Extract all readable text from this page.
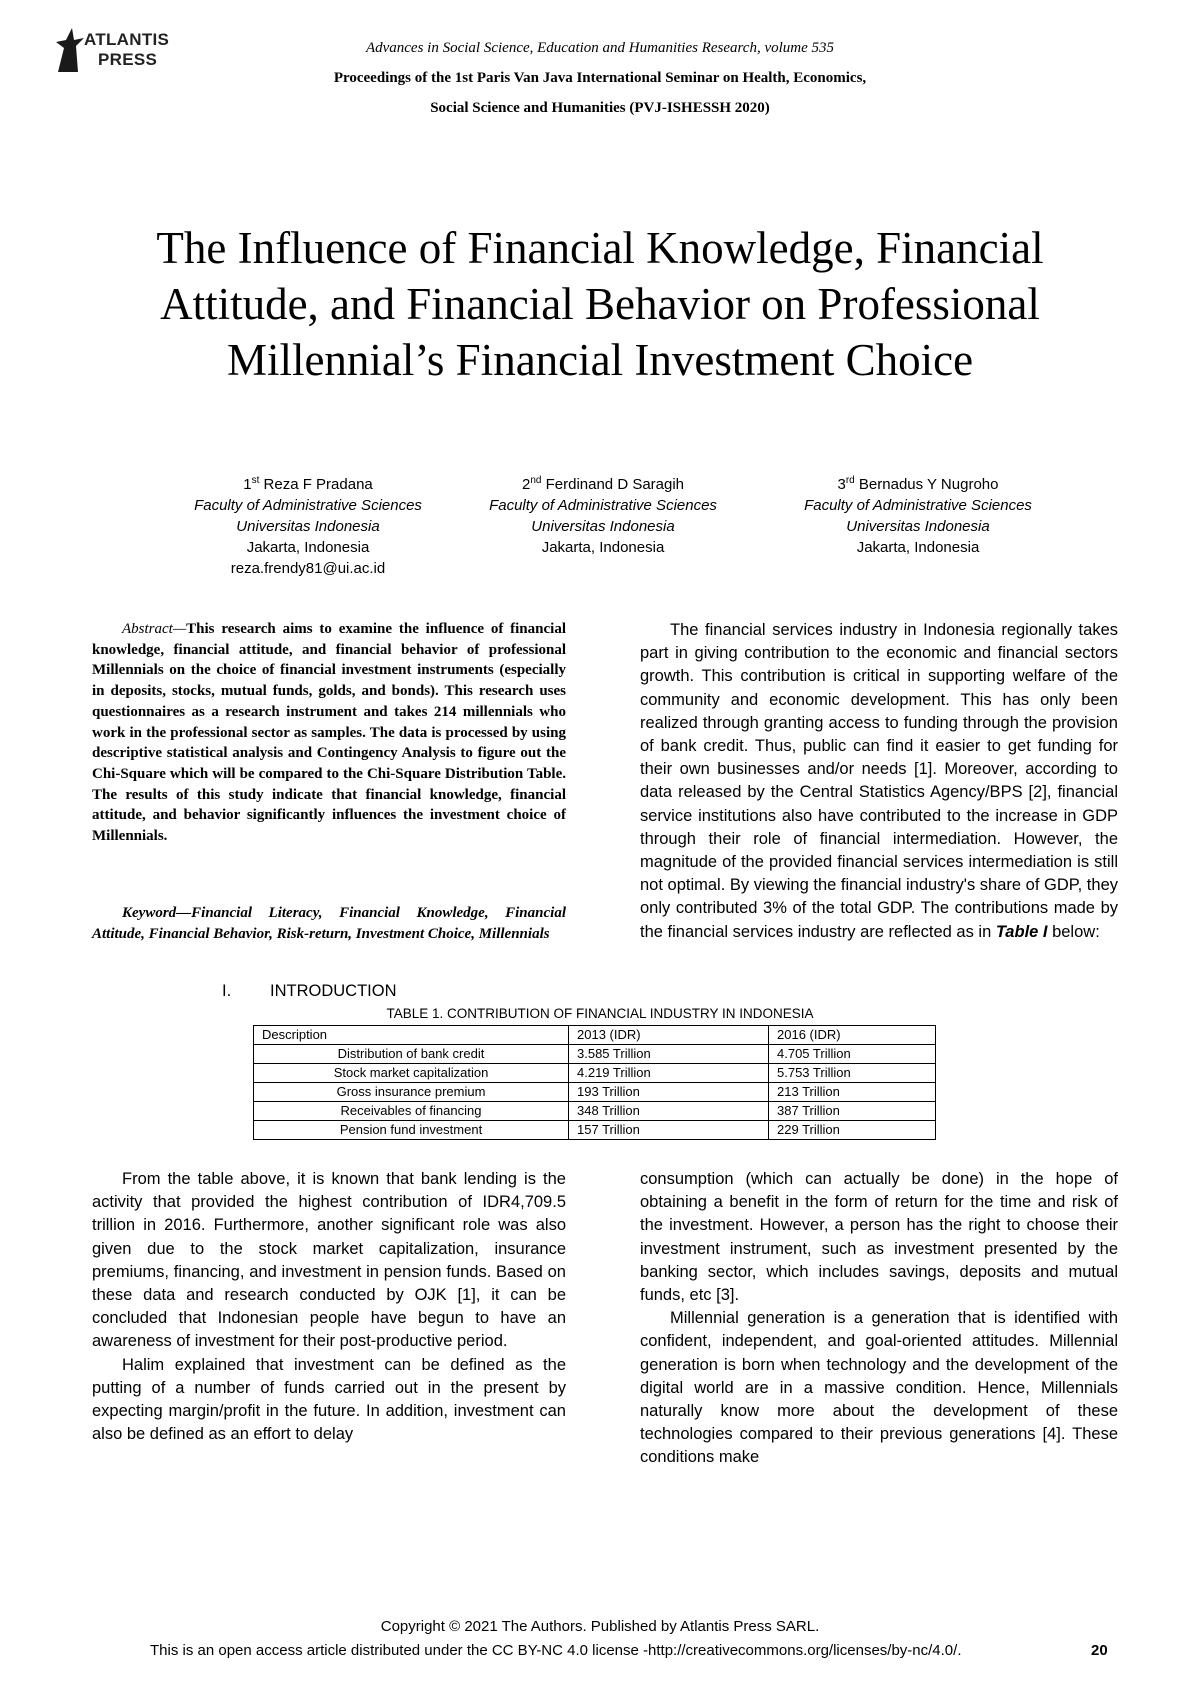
ATLANTIS
PRESS
Advances in Social Science, Education and Humanities Research, volume 535
Proceedings of the 1st Paris Van Java International Seminar on Health, Economics,
Social Science and Humanities (PVJ-ISHESSH 2020)
The Influence of Financial Knowledge, Financial Attitude, and Financial Behavior on Professional Millennial’s Financial Investment Choice
1st Reza F Pradana
Faculty of Administrative Sciences
Universitas Indonesia
Jakarta, Indonesia
reza.frendy81@ui.ac.id
2nd Ferdinand D Saragih
Faculty of Administrative Sciences
Universitas Indonesia
Jakarta, Indonesia
3rd Bernadus Y Nugroho
Faculty of Administrative Sciences
Universitas Indonesia
Jakarta, Indonesia

Abstract—This research aims to examine the influence of financial knowledge, financial attitude, and financial behavior of professional Millennials on the choice of financial investment instruments (especially in deposits, stocks, mutual funds, golds, and bonds). This research uses questionnaires as a research instrument and takes 214 millennials who work in the professional sector as samples. The data is processed by using descriptive statistical analysis and Contingency Analysis to figure out the Chi-Square which will be compared to the Chi-Square Distribution Table. The results of this study indicate that financial knowledge, financial attitude, and behavior significantly influences the investment choice of Millennials.

Keyword—Financial Literacy, Financial Knowledge, Financial Attitude, Financial Behavior, Risk-return, Investment Choice, Millennials

I. INTRODUCTION

The financial services industry in Indonesia regionally takes part in giving contribution to the economic and financial sectors growth. This contribution is critical in supporting welfare of the community and economic development. This has only been realized through granting access to funding through the provision of bank credit. Thus, public can find it easier to get funding for their own businesses and/or needs [1]. Moreover, according to data released by the Central Statistics Agency/BPS [2], financial service institutions also have contributed to the increase in GDP through their role of financial intermediation. However, the magnitude of the provided financial services intermediation is still not optimal. By viewing the financial industry's share of GDP, they only contributed 3% of the total GDP. The contributions made by the financial services industry are reflected as in Table I below:

TABLE 1. CONTRIBUTION OF FINANCIAL INDUSTRY IN INDONESIA
Description	2013 (IDR)	2016 (IDR)
Distribution of bank credit	3.585 Trillion	4.705 Trillion
Stock market capitalization	4.219 Trillion	5.753 Trillion
Gross insurance premium	193 Trillion	213 Trillion
Receivables of financing	348 Trillion	387 Trillion
Pension fund investment	157 Trillion	229 Trillion

From the table above, it is known that bank lending is the activity that provided the highest contribution of IDR4,709.5 trillion in 2016. Furthermore, another significant role was also given due to the stock market capitalization, insurance premiums, financing, and investment in pension funds. Based on these data and research conducted by OJK [1], it can be concluded that Indonesian people have begun to have an awareness of investment for their post-productive period.

Halim explained that investment can be defined as the putting of a number of funds carried out in the present by expecting margin/profit in the future. In addition, investment can also be defined as an effort to delay

consumption (which can actually be done) in the hope of obtaining a benefit in the form of return for the time and risk of the investment. However, a person has the right to choose their investment instrument, such as investment presented by the banking sector, which includes savings, deposits and mutual funds, etc [3].

Millennial generation is a generation that is identified with confident, independent, and goal-oriented attitudes. Millennial generation is born when technology and the development of the digital world are in a massive condition. Hence, Millennials naturally know more about the development of these technologies compared to their previous generations [4]. These conditions make

Copyright © 2021 The Authors. Published by Atlantis Press SARL.
This is an open access article distributed under the CC BY-NC 4.0 license -http://creativecommons.org/licenses/by-nc/4.0/.	20
